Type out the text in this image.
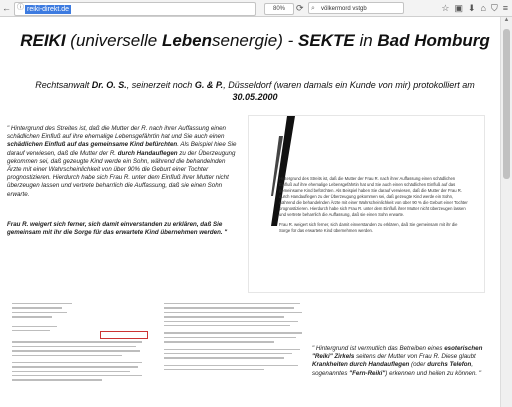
← ⓘ reiki-direkt.de	80%	⟳ ⌕ völkermord vstgb	☆ ▣ ⬇ ⌂ ⛉ ≡
REIKI (universelle Lebensenergie) - SEKTE in Bad Homburg

Rechtsanwalt Dr. O. S., seinerzeit noch G. & P., Düsseldorf (waren damals ein Kunde von mir) protokolliert am 30.05.2000

" Hintergrund des Streites ist, daß die Mutter der R. nach ihrer Auffassung einen schädlichen Einfluß auf ihre ehemalige Lebensgefährtin hat und Sie auch einen schädlichen Einfluß auf das gemeinsame Kind befürchten. Als Beispiel hiee Sie darauf verwiesen, daß die Mutter der R. durch Handauflegen zu der Überzeugung gekommen sei, daß gezeugte Kind werde ein Sohn, während die behandelnden Ärzte mit einer Wahrscheinlichkeit von über 90% die Geburt einer Tochter prognostizieren. Hierdurch habe sich Frau R. unter dem Einfluß ihrer Mutter nicht überzeugen lassen und vertrete beharrlich die Auffassung, daß sie einen Sohn erwarte.

Frau R. weigert sich ferner, sich damit einverstanden zu erklären, daß Sie gemeinsam mit ihr die Sorge für das erwartete Kind übernehmen werden. "

Hintergrund des Streits ist, daß die Mutter der Frau R. nach ihrer Auffassung einen schädlichen Einfluß auf ihre ehemalige Lebensgefährtin hat und Sie auch einen schädlichen Einfluß auf das gemeinsame Kind befürchten. Als Beispiel haben Sie darauf verwiesen, daß die Mutter der Frau R. durch Handauflegen zu der Überzeugung gekommen sei, daß gezeugte Kind werde ein Sohn, während die behandelnden Ärzte mit einer Wahrscheinlichkeit von über 90 % die Geburt einer Tochter prognostizieren. Hierdurch habe sich Frau R. unter dem Einfluß ihrer Mutter nicht überzeugen lassen und vertrete beharrlich die Auffassung, daß sie einen Sohn erwarte.

Frau R. weigert sich ferner, sich damit einverstanden zu erklären, daß Sie gemeinsam mit ihr die Sorge für das erwartete Kind übernehmen werden.

" Hintergrund ist vermutlich das Betreiben eines esoterischen "Reiki" Zirkels seitens der Mutter von Frau R. Diese glaubt Krankheiten durch Handauflegen (oder durchs Telefon, sogenanntes "Fern-Reiki") erkennen und heilen zu können. "

▲
